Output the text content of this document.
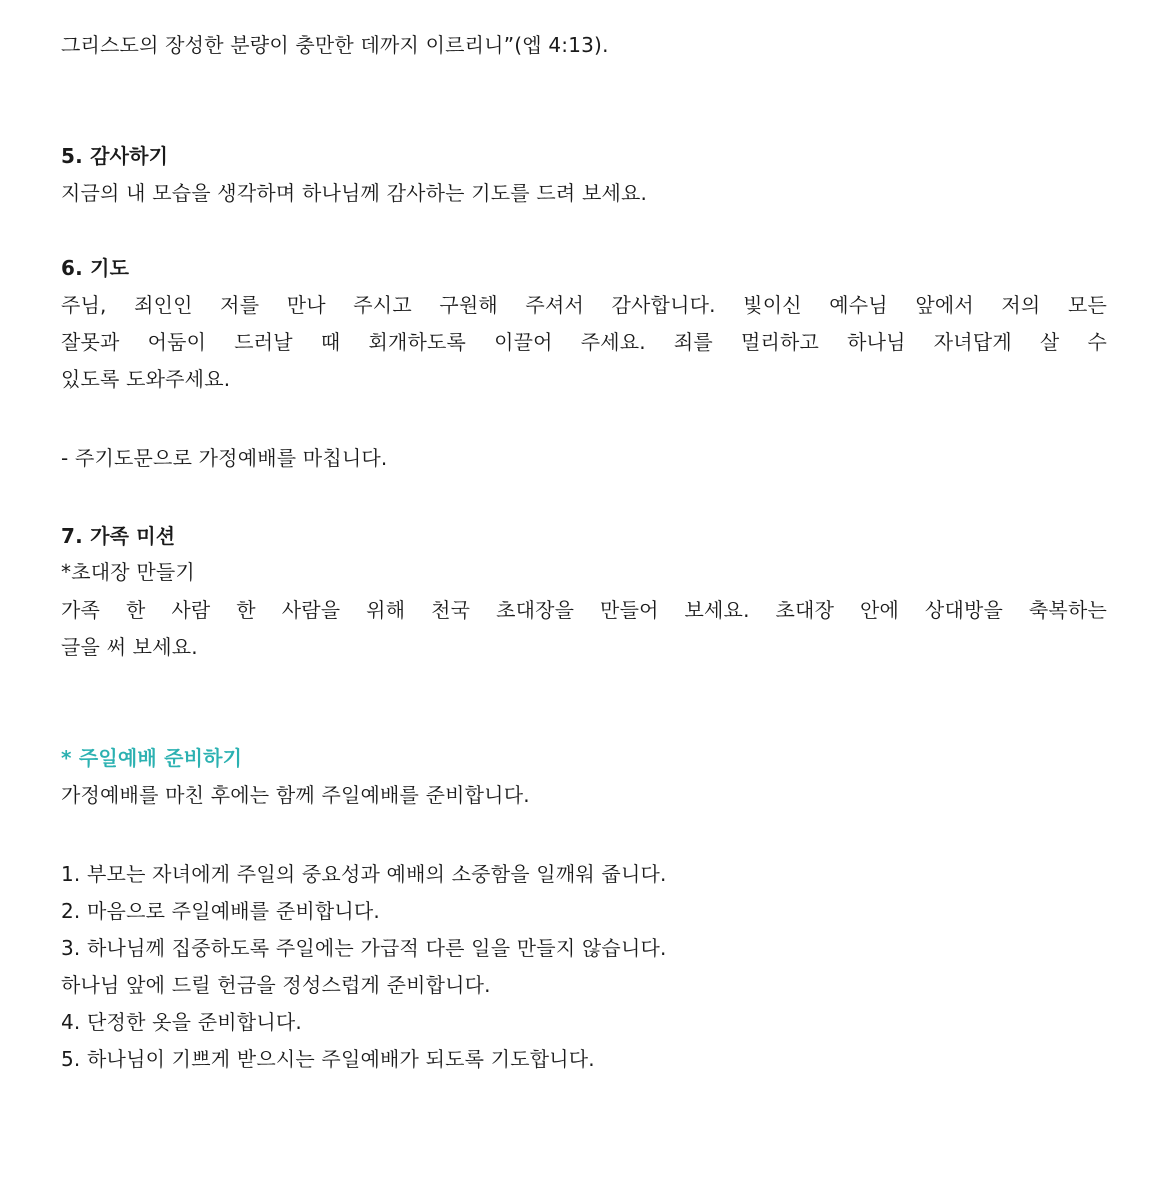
그리스도의 장성한 분량이 충만한 데까지 이르리니”(엡 4:13).
5. 감사하기
지금의 내 모습을 생각하며 하나님께 감사하는 기도를 드려 보세요.
6. 기도
주님, 죄인인 저를 만나 주시고 구원해 주셔서 감사합니다. 빛이신 예수님 앞에서 저의 모든
잘못과 어둠이 드러날 때 회개하도록 이끌어 주세요. 죄를 멀리하고 하나님 자녀답게 살 수
있도록 도와주세요.
- 주기도문으로 가정예배를 마칩니다.
7. 가족 미션
*초대장 만들기
가족 한 사람 한 사람을 위해 천국 초대장을 만들어 보세요. 초대장 안에 상대방을 축복하는
글을 써 보세요.
* 주일예배 준비하기
가정예배를 마친 후에는 함께 주일예배를 준비합니다.
1. 부모는 자녀에게 주일의 중요성과 예배의 소중함을 일깨워 줍니다.
2. 마음으로 주일예배를 준비합니다.
3. 하나님께 집중하도록 주일에는 가급적 다른 일을 만들지 않습니다.
하나님 앞에 드릴 헌금을 정성스럽게 준비합니다.
4. 단정한 옷을 준비합니다.
5. 하나님이 기쁘게 받으시는 주일예배가 되도록 기도합니다.
